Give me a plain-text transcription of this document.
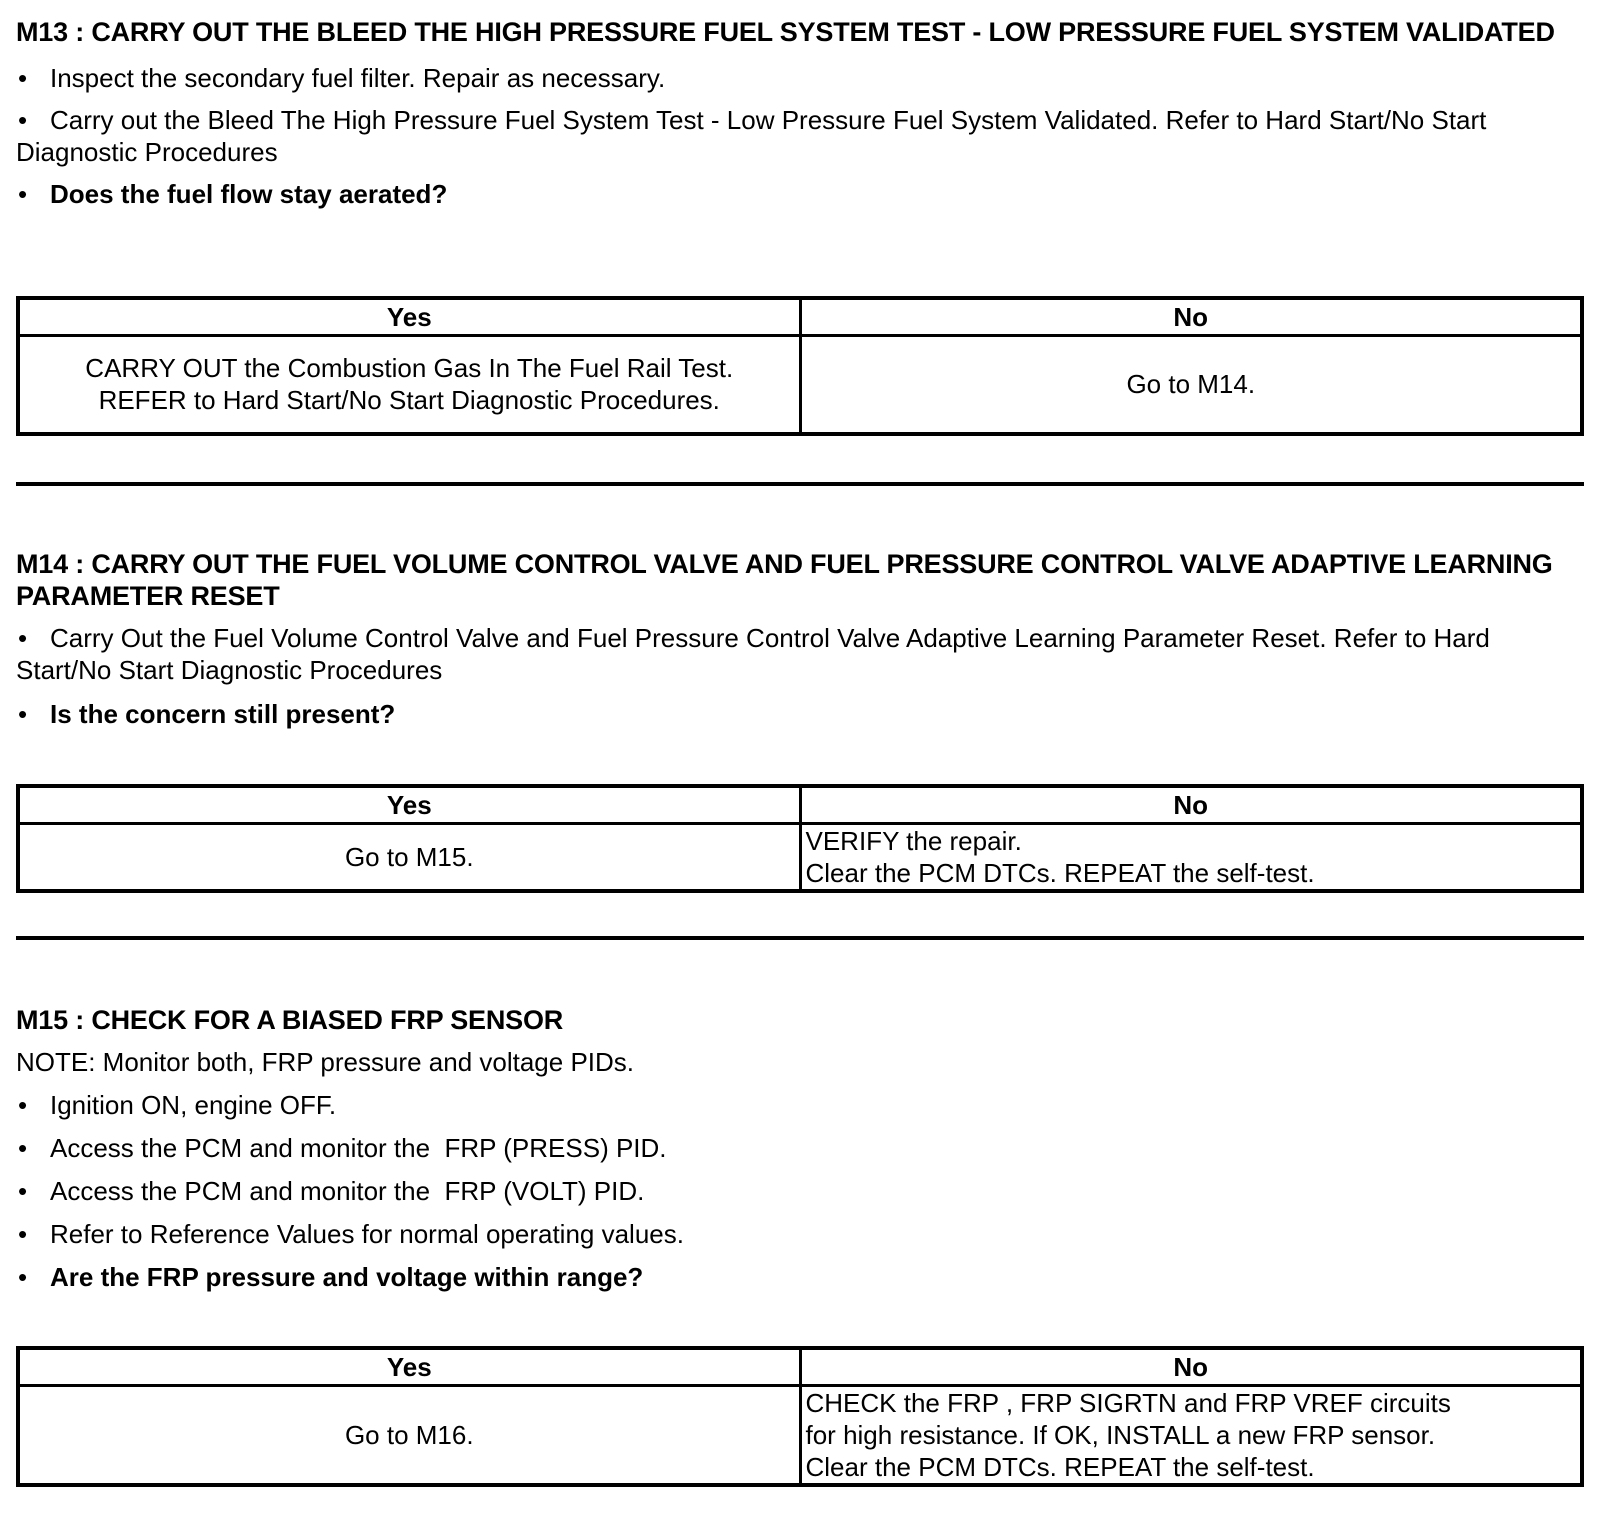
M13 : CARRY OUT THE BLEED THE HIGH PRESSURE FUEL SYSTEM TEST - LOW PRESSURE FUEL SYSTEM VALIDATED

• Inspect the secondary fuel filter. Repair as necessary.

• Carry out the Bleed The High Pressure Fuel System Test - Low Pressure Fuel System Validated. Refer to Hard Start/No Start Diagnostic Procedures

• Does the fuel flow stay aerated?
Yes	No
CARRY OUT the Combustion Gas In The Fuel Rail Test. REFER to Hard Start/No Start Diagnostic Procedures.	Go to M14.

M14 : CARRY OUT THE FUEL VOLUME CONTROL VALVE AND FUEL PRESSURE CONTROL VALVE ADAPTIVE LEARNING PARAMETER RESET

• Carry Out the Fuel Volume Control Valve and Fuel Pressure Control Valve Adaptive Learning Parameter Reset. Refer to Hard Start/No Start Diagnostic Procedures

• Is the concern still present?
Yes	No
Go to M15.	VERIFY the repair.
Clear the PCM DTCs. REPEAT the self-test.

M15 : CHECK FOR A BIASED FRP SENSOR

NOTE: Monitor both, FRP pressure and voltage PIDs.

• Ignition ON, engine OFF.
• Access the PCM and monitor the  FRP (PRESS) PID.
• Access the PCM and monitor the  FRP (VOLT) PID.
• Refer to Reference Values for normal operating values.
• Are the FRP pressure and voltage within range?
Yes	No
Go to M16.	CHECK the FRP , FRP SIGRTN and FRP VREF circuits
for high resistance. If OK, INSTALL a new FRP sensor.
Clear the PCM DTCs. REPEAT the self-test.
